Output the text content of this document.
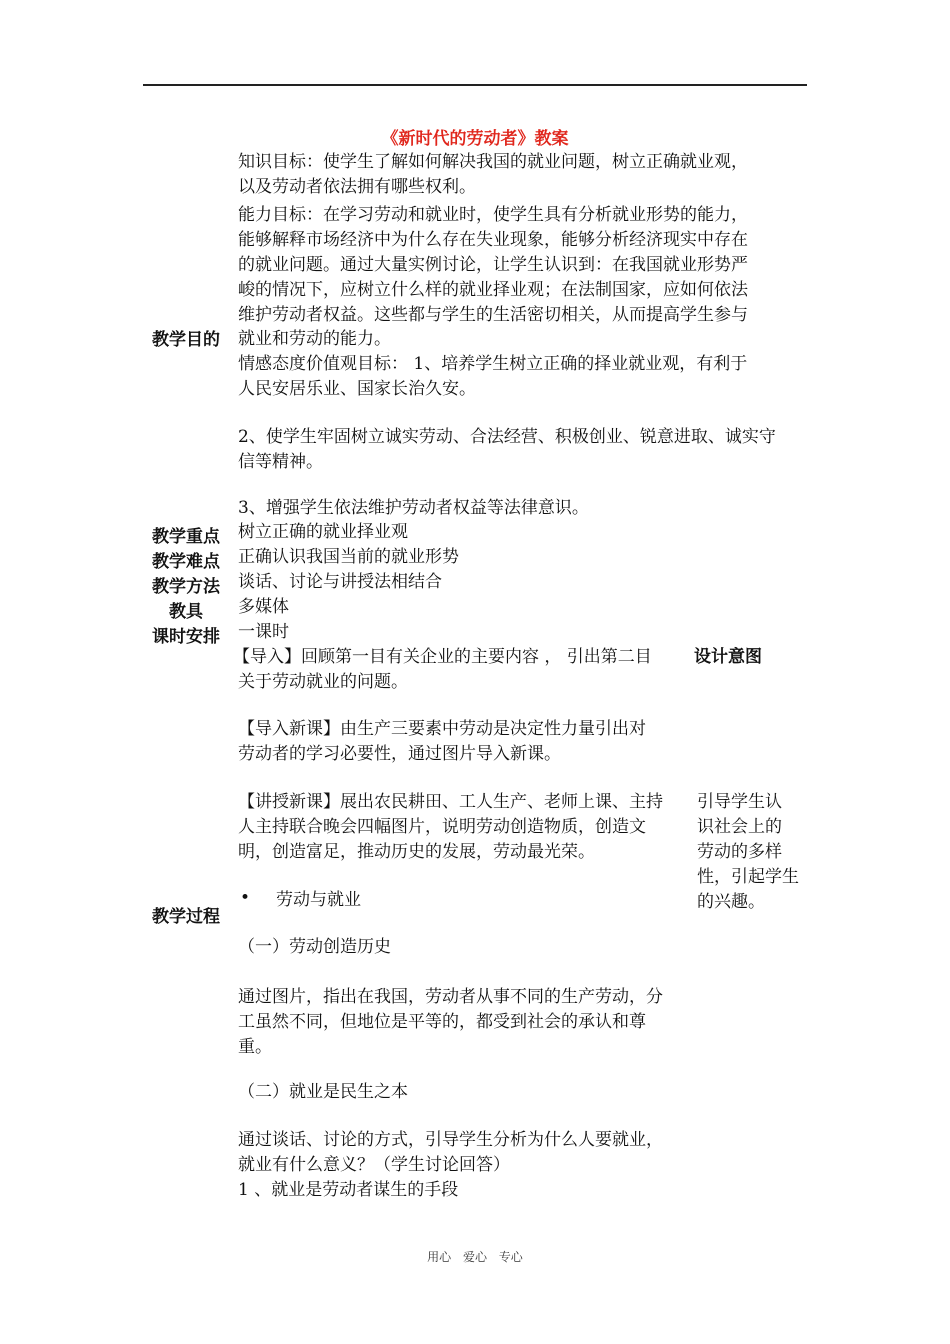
《新时代的劳动者》教案
教学目的
知识目标：使学生了解如何解决我国的就业问题，树立正确就业观，
以及劳动者依法拥有哪些权利。
能力目标：在学习劳动和就业时，使学生具有分析就业形势的能力，
能够解释市场经济中为什么存在失业现象，能够分析经济现实中存在
的就业问题。通过大量实例讨论，让学生认识到：在我国就业形势严
峻的情况下，应树立什么样的就业择业观；在法制国家，应如何依法
维护劳动者权益。这些都与学生的生活密切相关，从而提高学生参与
就业和劳动的能力。
情感态度价值观目标： 1、培养学生树立正确的择业就业观，有利于
人民安居乐业、国家长治久安。
2、使学生牢固树立诚实劳动、合法经营、积极创业、锐意进取、诚实守
信等精神。
3、增强学生依法维护劳动者权益等法律意识。
教学重点 树立正确的就业择业观
教学难点 正确认识我国当前的就业形势
教学方法 谈话、讨论与讲授法相结合
教具 多媒体
课时安排 一课时
【导入】回顾第一目有关企业的主要内容 ， 引出第二目 设计意图
关于劳动就业的问题。
【导入新课】由生产三要素中劳动是决定性力量引出对
劳动者的学习必要性，通过图片导入新课。
【讲授新课】展出农民耕田、工人生产、老师上课、主持
人主持联合晚会四幅图片，说明劳动创造物质，创造文
明，创造富足，推动历史的发展，劳动最光荣。
引导学生认
识社会上的
劳动的多样
性，引起学生
的兴趣。
教学过程
• 劳动与就业
（一）劳动创造历史
通过图片，指出在我国，劳动者从事不同的生产劳动，分
工虽然不同，但地位是平等的，都受到社会的承认和尊
重。
（二）就业是民生之本
通过谈话、讨论的方式，引导学生分析为什么人要就业，
就业有什么意义？（学生讨论回答）
1 、就业是劳动者谋生的手段
用心 爱心 专心
